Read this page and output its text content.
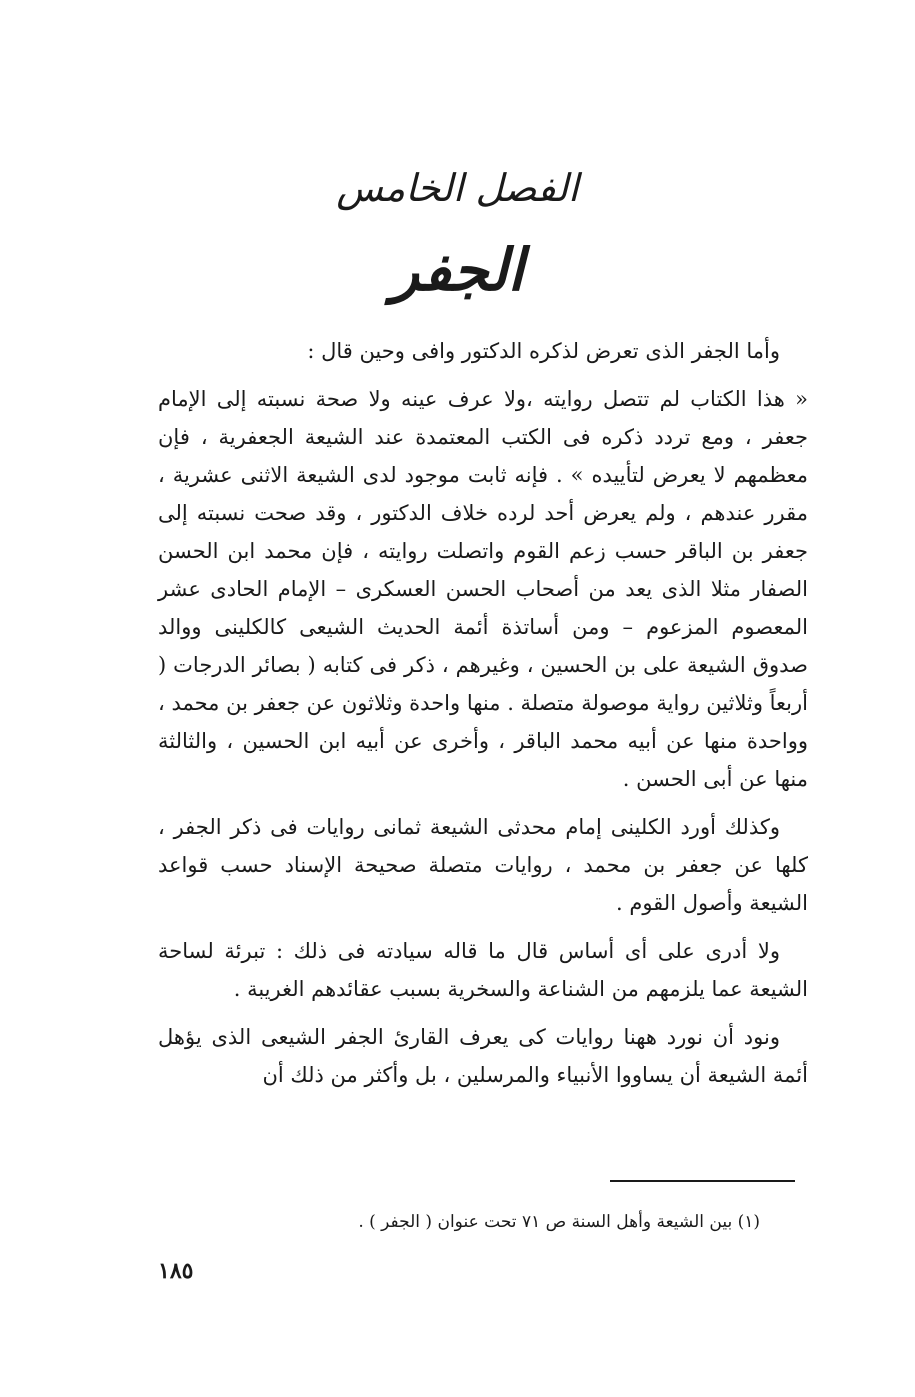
الفصل الخامس
الجفر

وأما الجفر الذى تعرض لذكره الدكتور وافى وحين قال :

« هذا الكتاب لم تتصل روايته ،ولا عرف عينه ولا صحة نسبته إلى الإمام جعفر ، ومع تردد ذكره فى الكتب المعتمدة عند الشيعة الجعفرية ، فإن معظمهم لا يعرض لتأييده » . فإنه ثابت موجود لدى الشيعة الاثنى عشرية ، مقرر عندهم ، ولم يعرض أحد لرده خلاف الدكتور ، وقد صحت نسبته إلى جعفر بن الباقر حسب زعم القوم واتصلت روايته ، فإن محمد ابن الحسن الصفار مثلا الذى يعد من أصحاب الحسن العسكرى – الإمام الحادى عشر المعصوم المزعوم – ومن أساتذة أئمة الحديث الشيعى كالكلينى ووالد صدوق الشيعة على بن الحسين ، وغيرهم ، ذكر فى كتابه ( بصائر الدرجات ( أربعاً وثلاثين رواية موصولة متصلة . منها واحدة وثلاثون عن جعفر بن محمد ، وواحدة منها عن أبيه محمد الباقر ، وأخرى عن أبيه ابن الحسين ، والثالثة منها عن أبى الحسن .

وكذلك أورد الكلينى إمام محدثى الشيعة ثمانى روايات فى ذكر الجفر ، كلها عن جعفر بن محمد ، روايات متصلة صحيحة الإسناد حسب قواعد الشيعة وأصول القوم .

ولا أدرى على أى أساس قال ما قاله سيادته فى ذلك : تبرئة لساحة الشيعة عما يلزمهم من الشناعة والسخرية بسبب عقائدهم الغريبة .

ونود أن نورد ههنا روايات كى يعرف القارئ الجفر الشيعى الذى يؤهل أئمة الشيعة أن يساووا الأنبياء والمرسلين ، بل وأكثر من ذلك أن

(١) بين الشيعة وأهل السنة ص ٧١ تحت عنوان ( الجفر ) .
١٨٥
